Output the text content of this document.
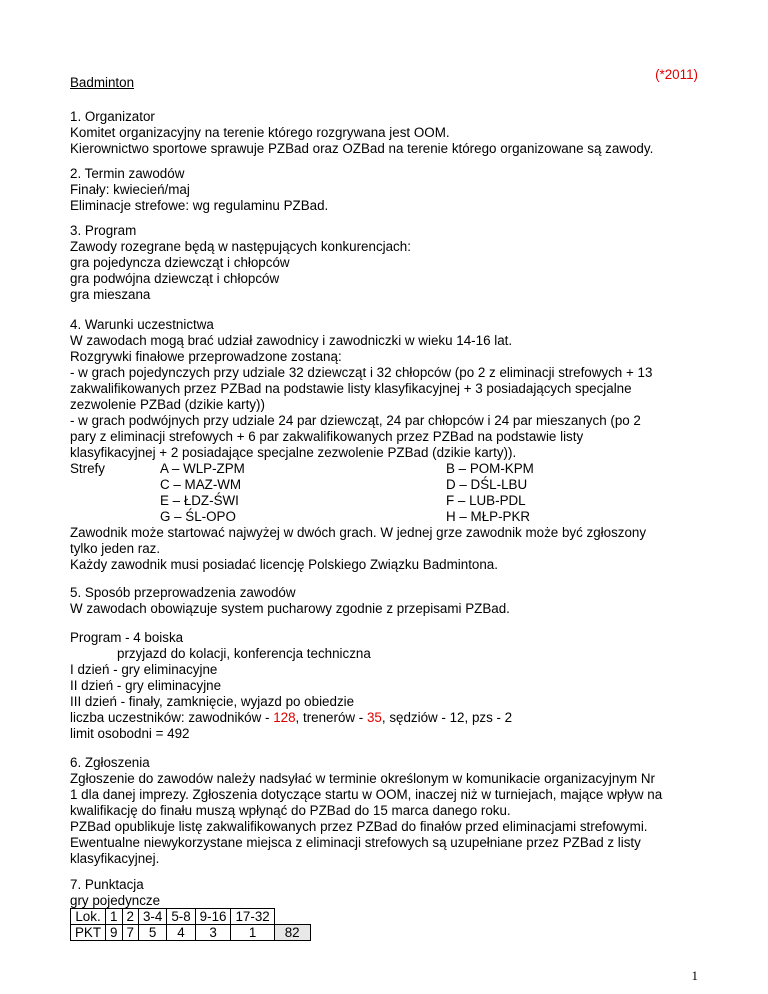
(*2011)
Badminton
1. Organizator
Komitet organizacyjny na terenie którego rozgrywana jest OOM.
Kierownictwo sportowe sprawuje PZBad oraz OZBad na terenie którego organizowane są zawody.
2. Termin zawodów
Finały: kwiecień/maj
Eliminacje strefowe: wg regulaminu PZBad.
3. Program
Zawody rozegrane będą w następujących konkurencjach:
gra pojedyncza dziewcząt i chłopców
gra podwójna dziewcząt i chłopców
gra mieszana
4. Warunki uczestnictwa
W zawodach mogą brać udział zawodnicy i zawodniczki w wieku 14-16 lat.
Rozgrywki finałowe przeprowadzone zostaną:
- w grach pojedynczych przy udziale 32 dziewcząt i 32 chłopców (po 2 z eliminacji strefowych + 13
zakwalifikowanych przez PZBad na podstawie listy klasyfikacyjnej + 3 posiadających specjalne
zezwolenie PZBad (dzikie karty))
- w grach podwójnych przy udziale 24 par dziewcząt, 24 par chłopców i 24 par mieszanych (po 2
pary z eliminacji strefowych + 6 par zakwalifikowanych przez PZBad na podstawie listy
klasyfikacyjnej + 2 posiadające specjalne zezwolenie PZBad (dzikie karty)).
Strefy	A – WLP-ZPM	B – POM-KPM
C – MAZ-WM	D – DŚL-LBU
E – ŁDZ-ŚWI	F – LUB-PDL
G – ŚL-OPO	H – MŁP-PKR
Zawodnik może startować najwyżej w dwóch grach. W jednej grze zawodnik może być zgłoszony
tylko jeden raz.
Każdy zawodnik musi posiadać licencję Polskiego Związku Badmintona.
5. Sposób przeprowadzenia zawodów
W zawodach obowiązuje system pucharowy zgodnie z przepisami PZBad.
Program - 4 boiska
przyjazd do kolacji, konferencja techniczna
I dzień - gry eliminacyjne
II dzień - gry eliminacyjne
III dzień - finały, zamknięcie, wyjazd po obiedzie
liczba uczestników: zawodników - 128, trenerów - 35, sędziów - 12, pzs - 2
limit osobodni = 492
6. Zgłoszenia
Zgłoszenie do zawodów należy nadsyłać w terminie określonym w komunikacie organizacyjnym Nr
1 dla danej imprezy. Zgłoszenia dotyczące startu w OOM, inaczej niż w turniejach, mające wpływ na
kwalifikację do finału muszą wpłynąć do PZBad do 15 marca danego roku.
PZBad opublikuje listę zakwalifikowanych przez PZBad do finałów przed eliminacjami strefowymi.
Ewentualne niewykorzystane miejsca z eliminacji strefowych są uzupełniane przez PZBad z listy
klasyfikacyjnej.
7. Punktacja
gry pojedyncze
Lok.	1	2	3-4	5-8	9-16	17-32	
PKT	9	7	5	4	3	1	82
1
